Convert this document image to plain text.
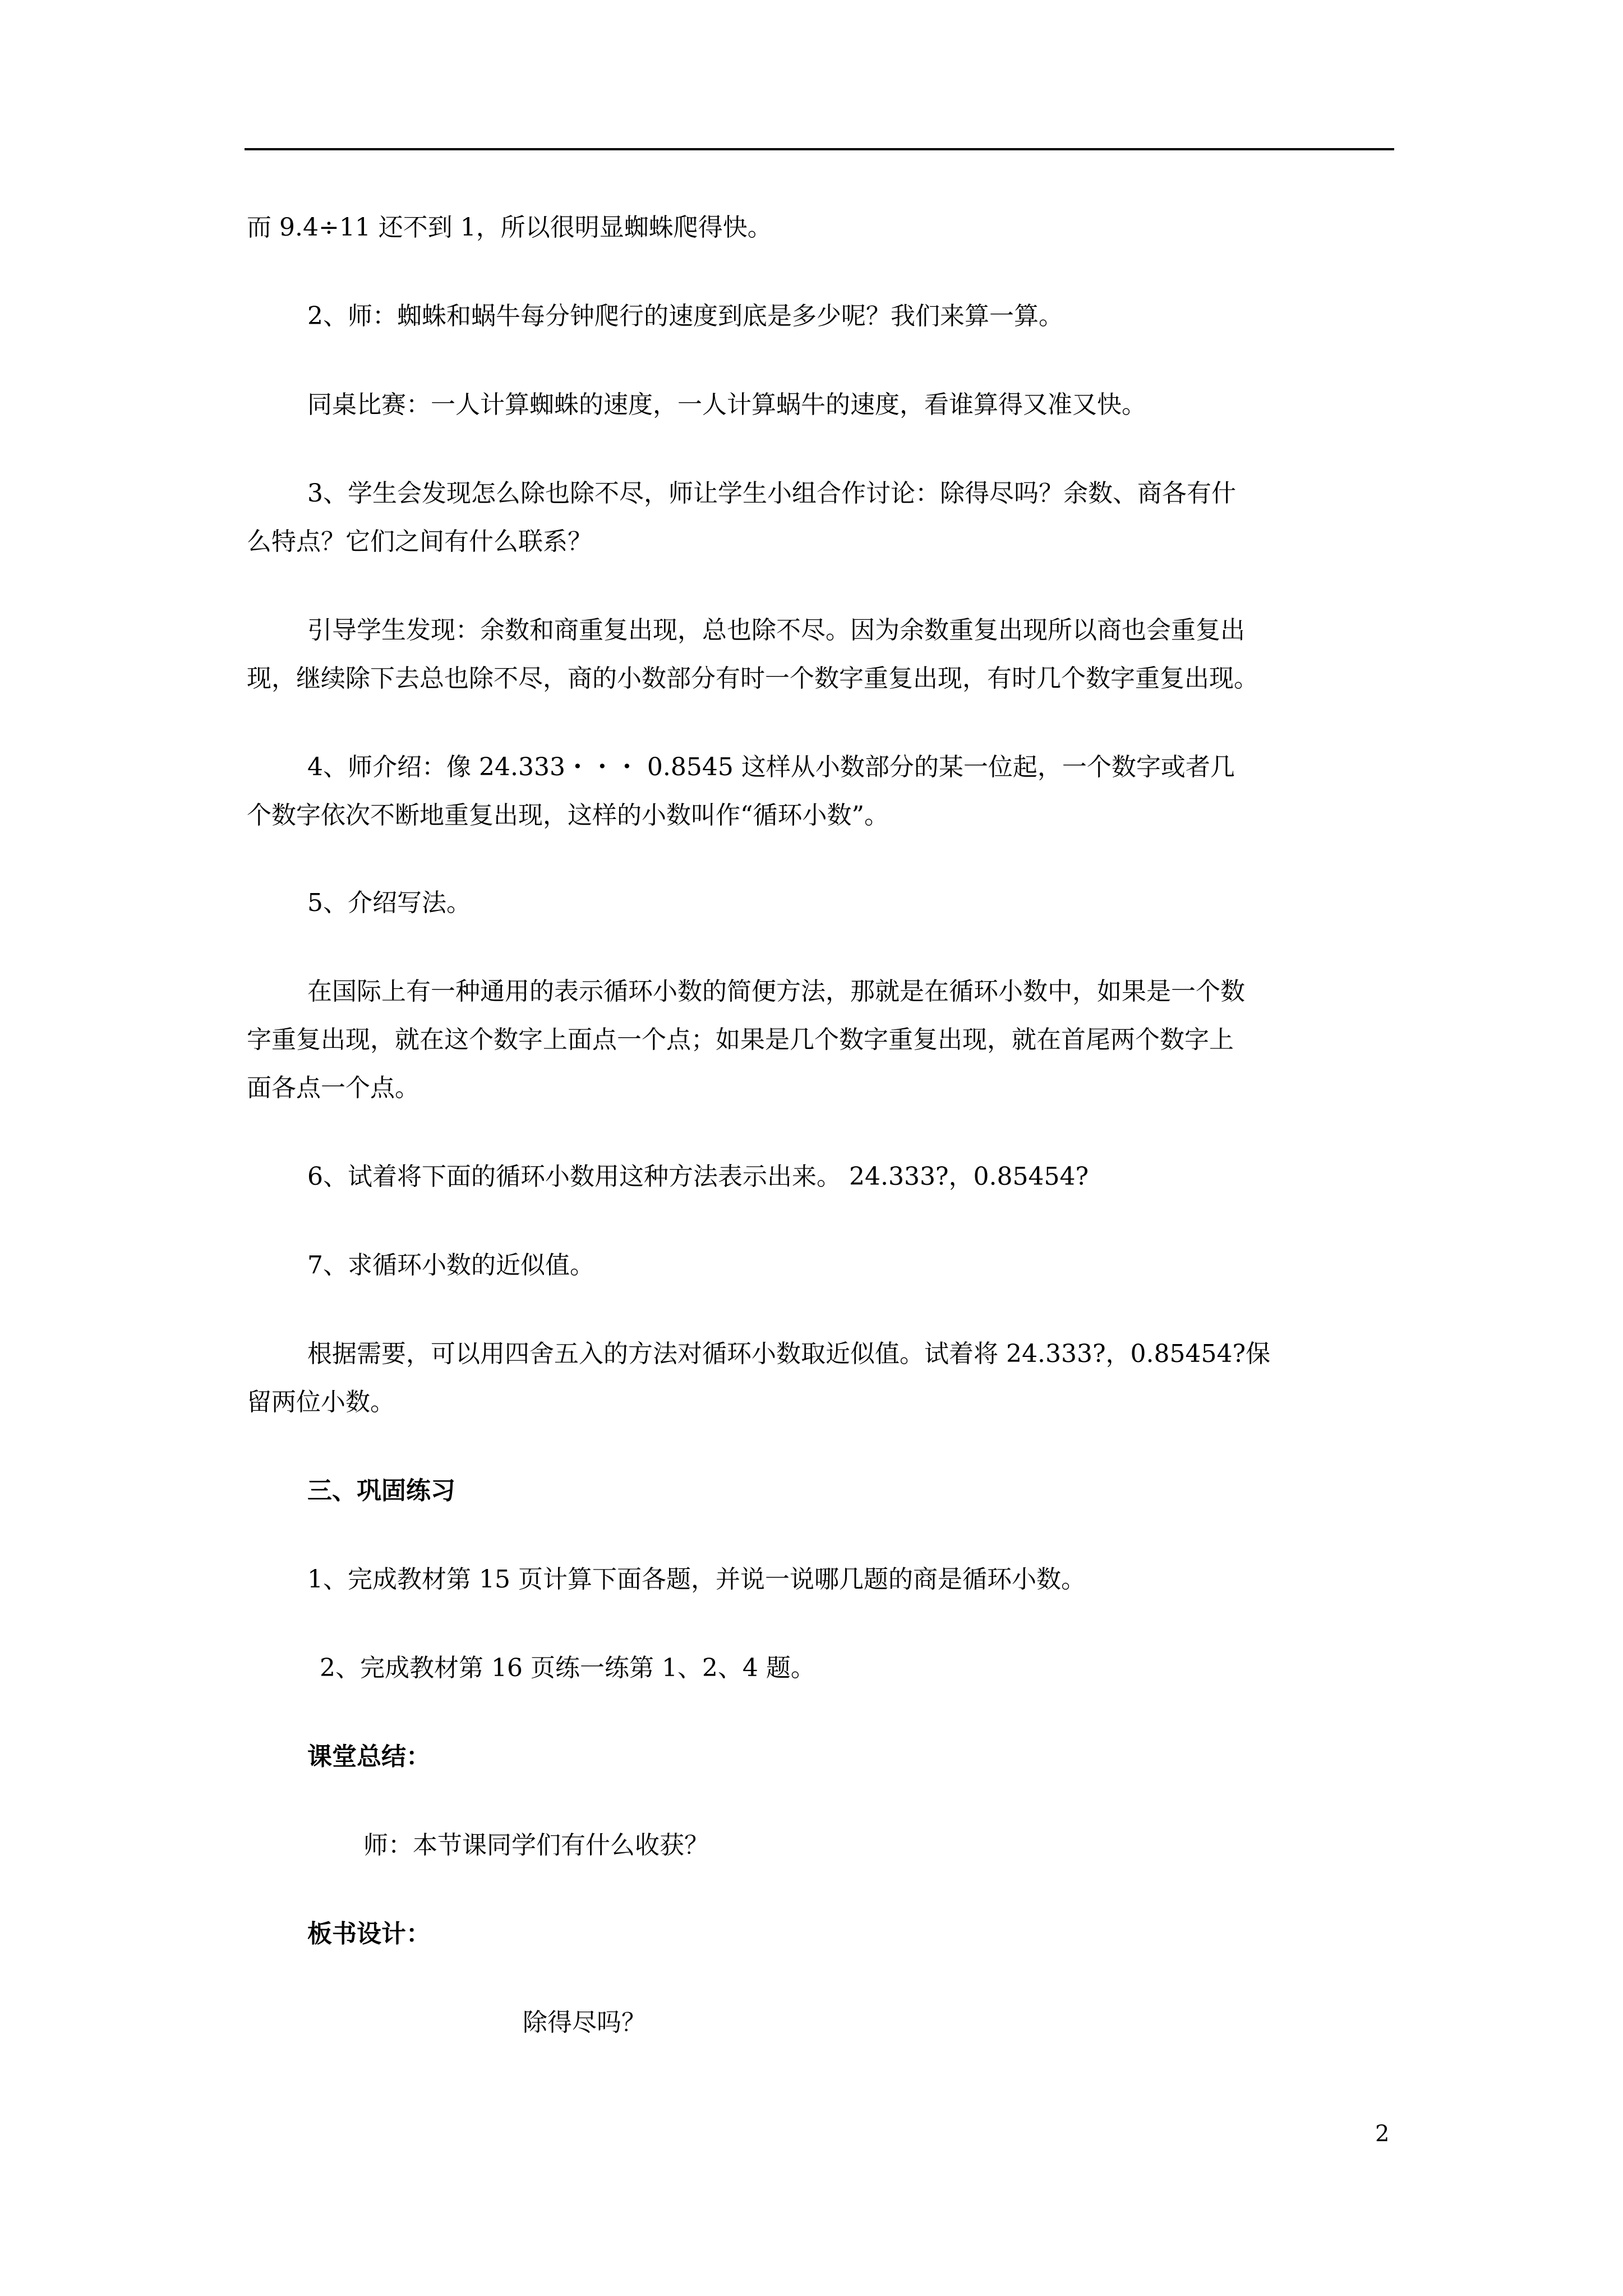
而 9.4÷11 还不到 1，所以很明显蜘蛛爬得快。
2、师：蜘蛛和蜗牛每分钟爬行的速度到底是多少呢？我们来算一算。
同桌比赛：一人计算蜘蛛的速度，一人计算蜗牛的速度，看谁算得又准又快。
3、学生会发现怎么除也除不尽，师让学生小组合作讨论：除得尽吗？余数、商各有什
么特点？它们之间有什么联系？
引导学生发现：余数和商重复出现，总也除不尽。因为余数重复出现所以商也会重复出
现，继续除下去总也除不尽，商的小数部分有时一个数字重复出现，有时几个数字重复出现。
4、师介绍：像 24.333・・・ 0.8545 这样从小数部分的某一位起，一个数字或者几
个数字依次不断地重复出现，这样的小数叫作“循环小数”。
5、介绍写法。
在国际上有一种通用的表示循环小数的简便方法，那就是在循环小数中，如果是一个数
字重复出现，就在这个数字上面点一个点；如果是几个数字重复出现，就在首尾两个数字上
面各点一个点。
6、试着将下面的循环小数用这种方法表示出来。 24.333?，0.85454?
7、求循环小数的近似值。
根据需要，可以用四舍五入的方法对循环小数取近似值。试着将 24.333?，0.85454?保
留两位小数。
三、巩固练习
1、完成教材第 15 页计算下面各题，并说一说哪几题的商是循环小数。
2、完成教材第 16 页练一练第 1、2、4 题。
课堂总结：
师：本节课同学们有什么收获？
板书设计：
除得尽吗？
2
